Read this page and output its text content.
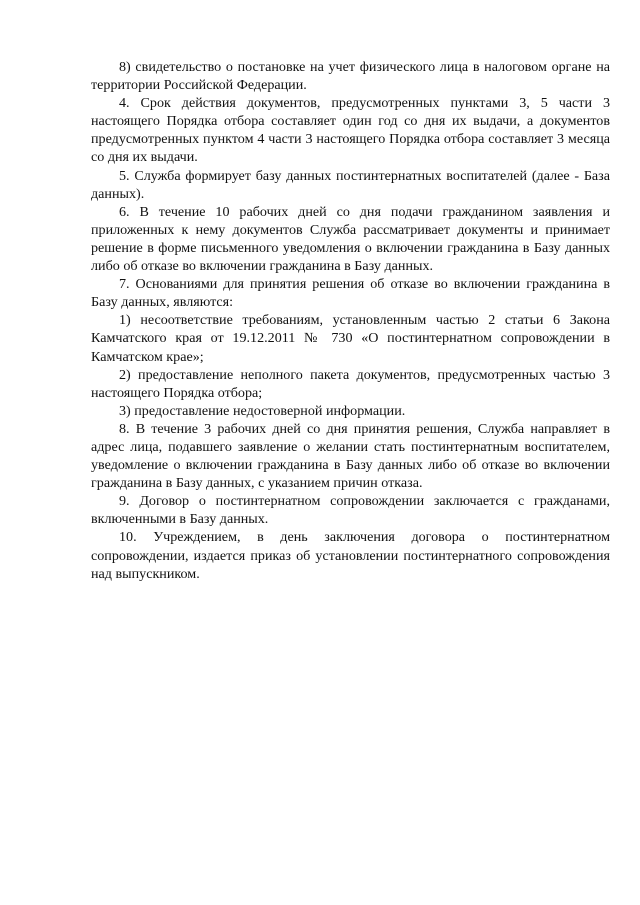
8) свидетельство о постановке на учет физического лица в налоговом органе на территории Российской Федерации.

4. Срок действия документов, предусмотренных пунктами 3, 5 части 3 настоящего Порядка отбора составляет один год со дня их выдачи, а документов предусмотренных пунктом 4 части 3 настоящего Порядка отбора составляет 3 месяца со дня их выдачи.

5. Служба формирует базу данных постинтернатных воспитателей (далее - База данных).

6. В течение 10 рабочих дней со дня подачи гражданином заявления и приложенных к нему документов Служба рассматривает документы и принимает решение в форме письменного уведомления о включении гражданина в Базу данных либо об отказе во включении гражданина в Базу данных.

7. Основаниями для принятия решения об отказе во включении гражданина в Базу данных, являются:

1) несоответствие требованиям, установленным частью 2 статьи 6 Закона Камчатского края от 19.12.2011 № 730 «О постинтернатном сопровождении в Камчатском крае»;

2) предоставление неполного пакета документов, предусмотренных частью 3 настоящего Порядка отбора;

3) предоставление недостоверной информации.

8. В течение 3 рабочих дней со дня принятия решения, Служба направляет в адрес лица, подавшего заявление о желании стать постинтернатным воспитателем, уведомление о включении гражданина в Базу данных либо об отказе во включении гражданина в Базу данных, с указанием причин отказа.

9. Договор о постинтернатном сопровождении заключается с гражданами, включенными в Базу данных.

10. Учреждением, в день заключения договора о постинтернатном сопровождении, издается приказ об установлении постинтернатного сопровождения над выпускником.
